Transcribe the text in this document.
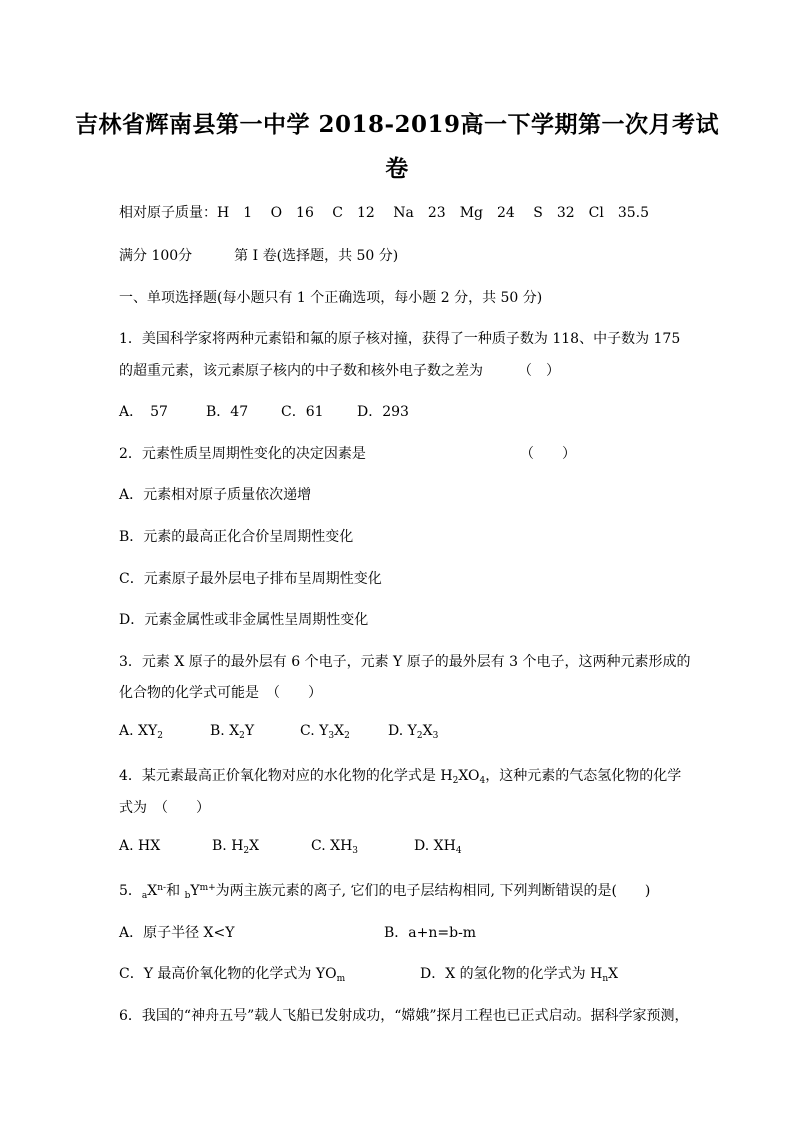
吉林省辉南县第一中学 2018-2019高一下学期第一次月考试
卷
相对原子质量：H　1　 O　16　 C　12　 Na　23　Mg　24　 S　32　Cl　35.5
满分 100分　　　第 I 卷(选择题，共 50 分)
一、单项选择题(每小题只有 1 个正确选项，每小题 2 分，共 50 分)
1．美国科学家将两种元素铅和氟的原子核对撞，获得了一种质子数为 118、中子数为 175
的超重元素，该元素原子核内的中子数和核外电子数之差为　　　（　）
A．　57	B．47 C．61 D．293
2．元素性质呈周期性变化的决定因素是	（　　）
A．元素相对原子质量依次递增
B．元素的最高正化合价呈周期性变化
C．元素原子最外层电子排布呈周期性变化
D．元素金属性或非金属性呈周期性变化
3．元素 X 原子的最外层有 6 个电子，元素 Y 原子的最外层有 3 个电子，这两种元素形成的
化合物的化学式可能是　（　　）
A. $XY_2$	B. $X_2Y$	C. $Y_3X_2$	D. $Y_2X_3$
4．某元素最高正价氧化物对应的水化物的化学式是 $H_2XO_4$，这种元素的气态氢化物的化学
式为　（　　）
A. HX	B. $H_2X$	C. $XH_3$	D. $XH_4$
5．$_aX^{n-}$和 $_bY^{m+}$为两主族元素的离子, 它们的电子层结构相同, 下列判断错误的是(　　)
A．原子半径 X<Y	B．a+n=b-m
C．Y 最高价氧化物的化学式为 $YO_m$	D．X 的氢化物的化学式为 $H_nX$
6．我国的“神舟五号”载人飞船已发射成功，“嫦娥”探月工程也已正式启动。据科学家预测，
